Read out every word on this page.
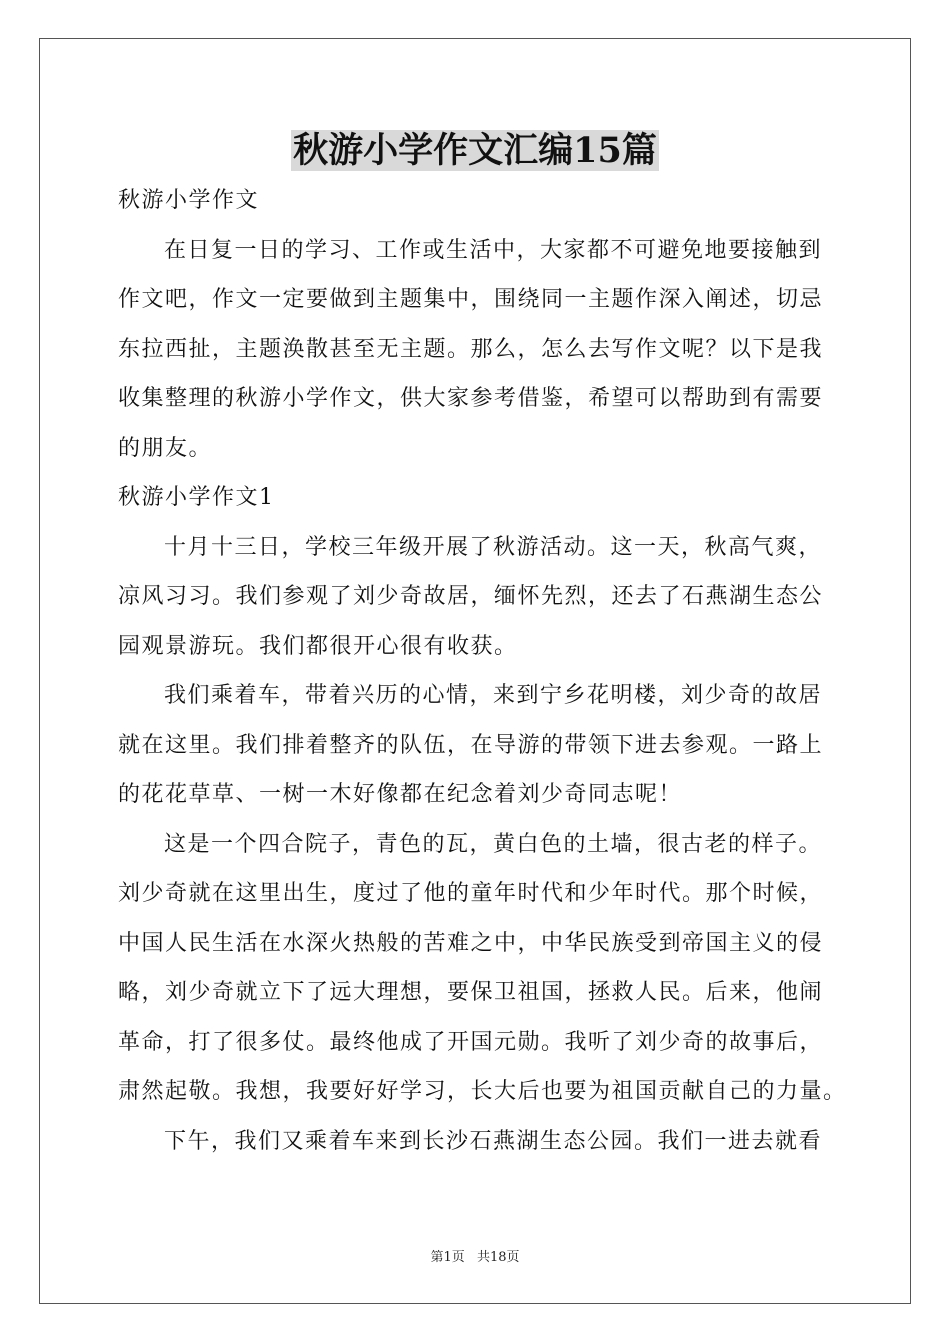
秋游小学作文汇编15篇
秋游小学作文
在日复一日的学习、工作或生活中，大家都不可避免地要接触到
作文吧，作文一定要做到主题集中，围绕同一主题作深入阐述，切忌
东拉西扯，主题涣散甚至无主题。那么，怎么去写作文呢？以下是我
收集整理的秋游小学作文，供大家参考借鉴，希望可以帮助到有需要
的朋友。
秋游小学作文1
十月十三日，学校三年级开展了秋游活动。这一天，秋高气爽，
凉风习习。我们参观了刘少奇故居，缅怀先烈，还去了石燕湖生态公
园观景游玩。我们都很开心很有收获。
我们乘着车，带着兴历的心情，来到宁乡花明楼，刘少奇的故居
就在这里。我们排着整齐的队伍，在导游的带领下进去参观。一路上
的花花草草、一树一木好像都在纪念着刘少奇同志呢！
这是一个四合院子，青色的瓦，黄白色的土墙，很古老的样子。
刘少奇就在这里出生，度过了他的童年时代和少年时代。那个时候，
中国人民生活在水深火热般的苦难之中，中华民族受到帝国主义的侵
略，刘少奇就立下了远大理想，要保卫祖国，拯救人民。后来，他闹
革命，打了很多仗。最终他成了开国元勋。我听了刘少奇的故事后，
肃然起敬。我想，我要好好学习，长大后也要为祖国贡献自己的力量。
下午，我们又乘着车来到长沙石燕湖生态公园。我们一进去就看
第1页 共18页
